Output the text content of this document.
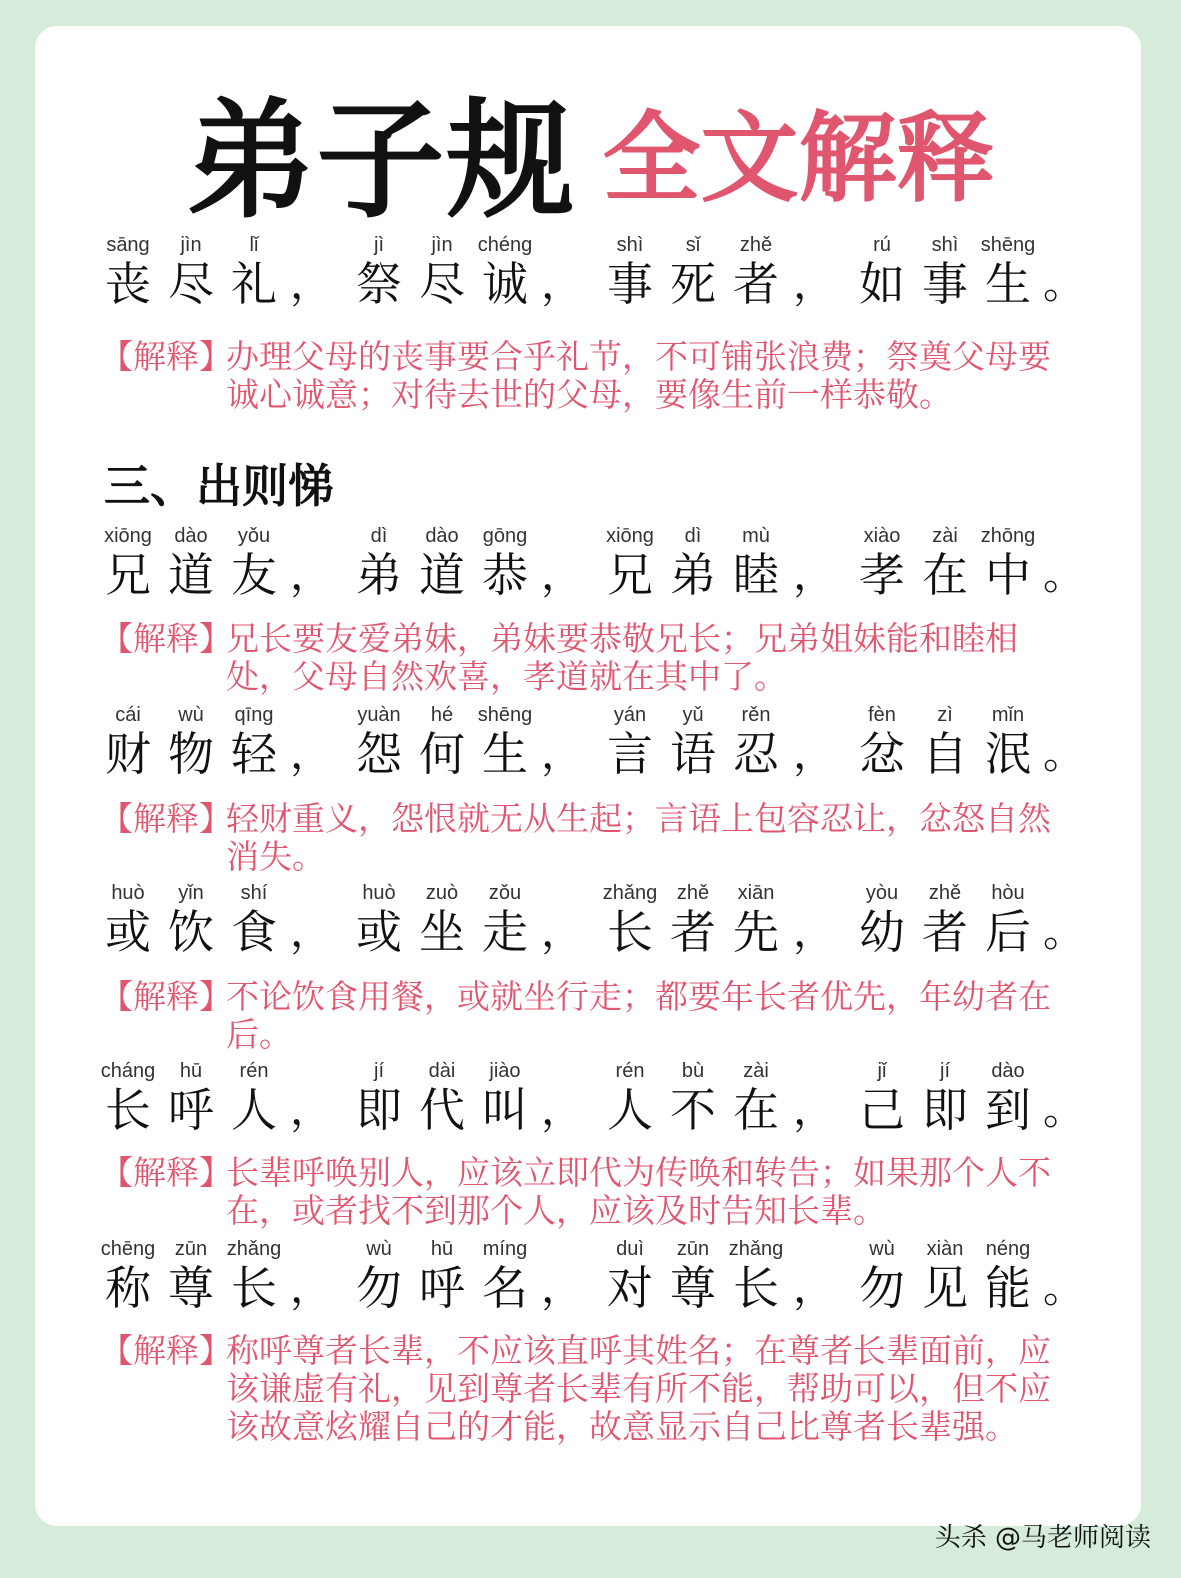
弟子规 全文解释
三、出则悌
sāng
丧
jìn
尽
lǐ
礼
jì
祭
jìn
尽
chéng
诚
shì
事
sǐ
死
zhě
者
rú
如
shì
事
shēng
生
，	，	，	。
【解释】
办理父母的丧事要合乎礼节，不可铺张浪费；祭奠父母要诚心诚意；对待去世的父母，要像生前一样恭敬。
xiōng
兄
dào
道
yǒu
友
dì
弟
dào
道
gōng
恭
xiōng
兄
dì
弟
mù
睦
xiào
孝
zài
在
zhōng
中
，	，	，	。
【解释】
兄长要友爱弟妹，弟妹要恭敬兄长；兄弟姐妹能和睦相处，父母自然欢喜，孝道就在其中了。
cái
财
wù
物
qīng
轻
yuàn
怨
hé
何
shēng
生
yán
言
yǔ
语
rěn
忍
fèn
忿
zì
自
mǐn
泯
，	，	，	。
【解释】
轻财重义，怨恨就无从生起；言语上包容忍让，忿怒自然消失。
huò
或
yǐn
饮
shí
食
huò
或
zuò
坐
zǒu
走
zhǎng
长
zhě
者
xiān
先
yòu
幼
zhě
者
hòu
后
，	，	，	。
【解释】
不论饮食用餐，或就坐行走；都要年长者优先，年幼者在后。
cháng
长
hū
呼
rén
人
jí
即
dài
代
jiào
叫
rén
人
bù
不
zài
在
jǐ
己
jí
即
dào
到
，	，	，	。
【解释】
长辈呼唤别人，应该立即代为传唤和转告；如果那个人不在，或者找不到那个人，应该及时告知长辈。
chēng
称
zūn
尊
zhǎng
长
wù
勿
hū
呼
míng
名
duì
对
zūn
尊
zhǎng
长
wù
勿
xiàn
见
néng
能
，	，	，	。
【解释】
称呼尊者长辈，不应该直呼其姓名；在尊者长辈面前，应该谦虚有礼，见到尊者长辈有所不能，帮助可以，但不应该故意炫耀自己的才能，故意显示自己比尊者长辈强。
头杀 @马老师阅读
